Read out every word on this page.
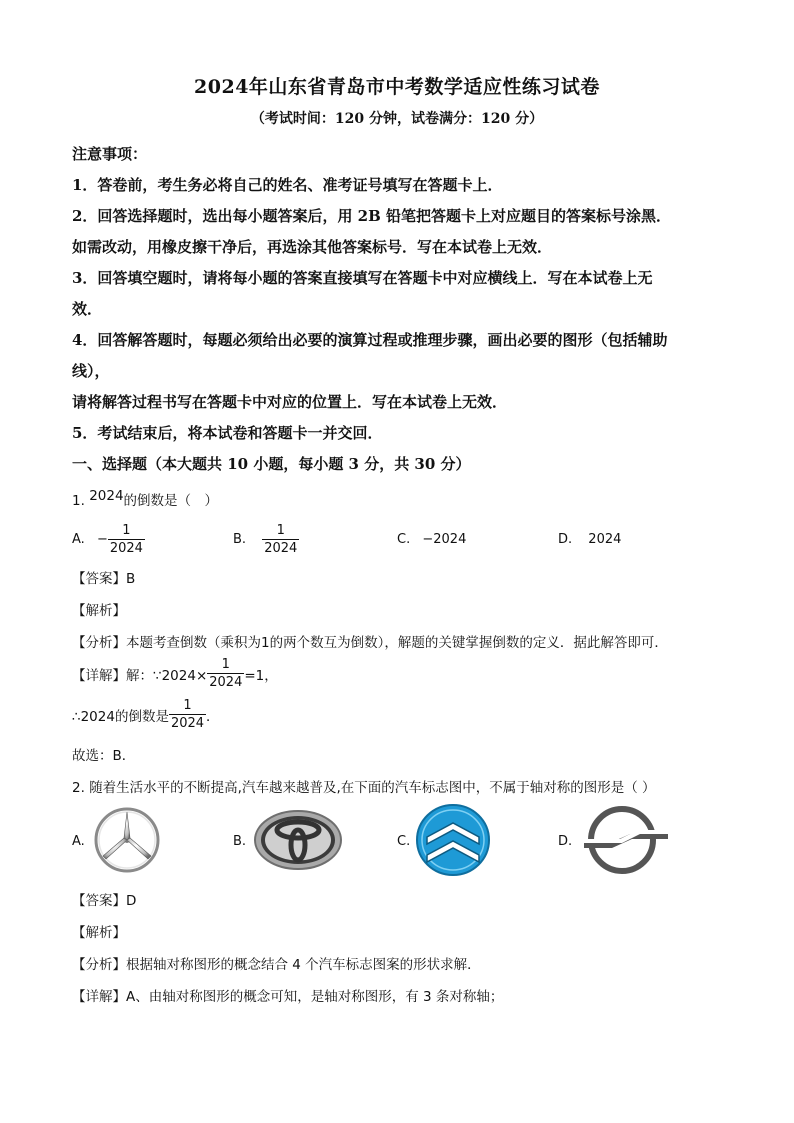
2024年山东省青岛市中考数学适应性练习试卷
（考试时间：120 分钟，试卷满分：120 分）
注意事项：
1．答卷前，考生务必将自己的姓名、准考证号填写在答题卡上．
2．回答选择题时，选出每小题答案后，用 2B 铅笔把答题卡上对应题目的答案标号涂黑．
如需改动，用橡皮擦干净后，再选涂其他答案标号．写在本试卷上无效．
3．回答填空题时，请将每小题的答案直接填写在答题卡中对应横线上．写在本试卷上无
效．
4．回答解答题时，每题必须给出必要的演算过程或推理步骤，画出必要的图形（包括辅助
线），
请将解答过程书写在答题卡中对应的位置上．写在本试卷上无效．
5．考试结束后，将本试卷和答题卡一并交回．
一、选择题（本大题共 10 小题，每小题 3 分，共 30 分）
1. 2024的倒数是（　）
A. − $\frac{1}{2024}$	B. $\frac{1}{2024}$	C. −2024	D. 2024
【答案】B
【解析】
【分析】本题考查倒数（乘积为1的两个数互为倒数），解题的关键掌握倒数的定义．据此解答即可．
【详解】解：∵2024× $\frac{1}{2024} =1$，
∴2024的倒数是 $\frac{1}{2024}$ ．
故选：B．
2. 随着生活水平的不断提高,汽车越来越普及,在下面的汽车标志图中，不属于轴对称的图形是（ ）
A.	B.	C.	D.
【答案】D
【解析】
【分析】根据轴对称图形的概念结合 4 个汽车标志图案的形状求解．
【详解】A、由轴对称图形的概念可知，是轴对称图形，有 3 条对称轴；
